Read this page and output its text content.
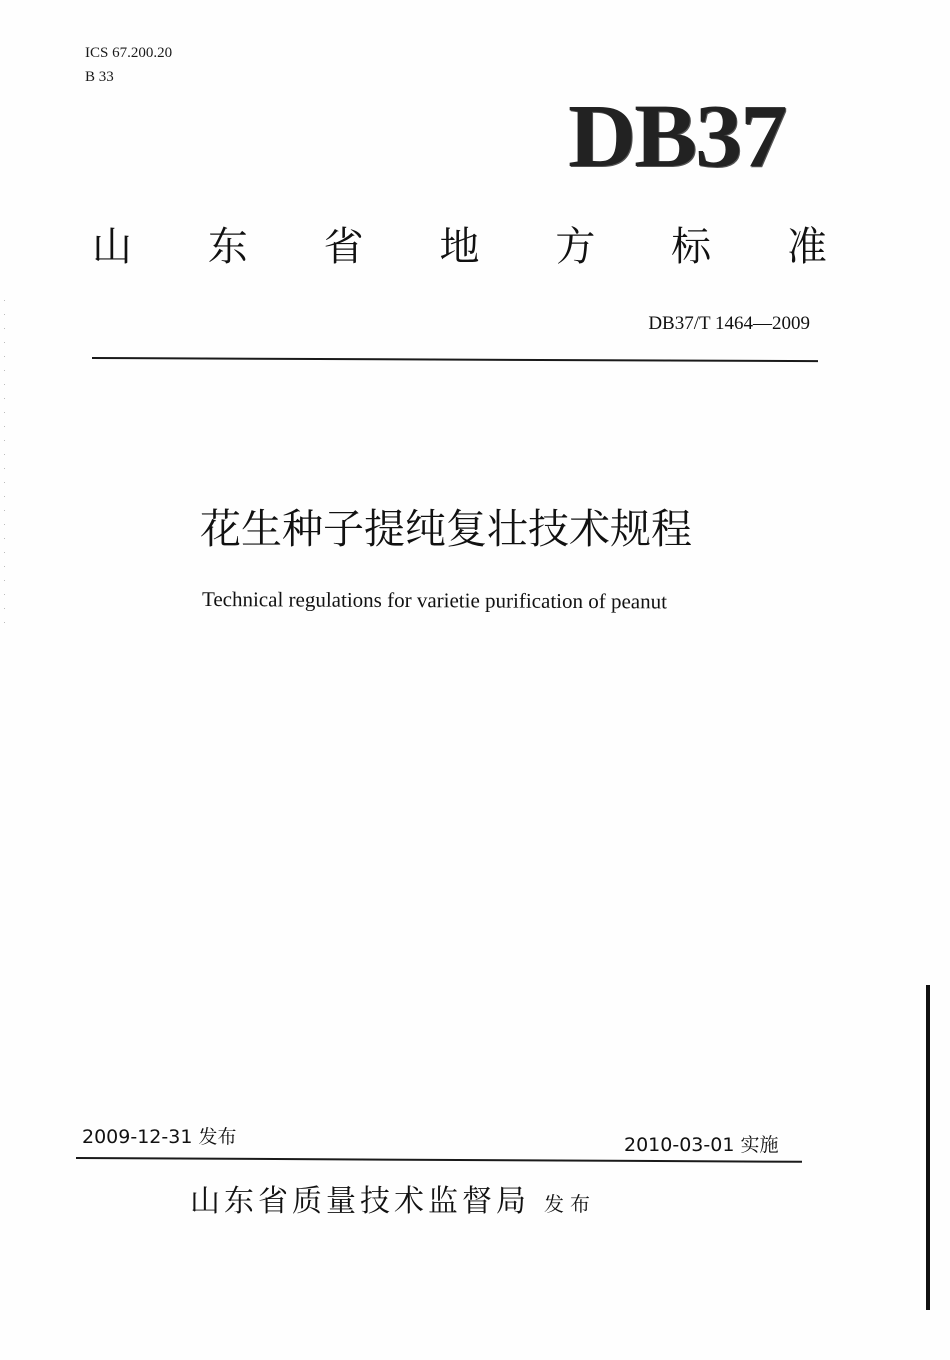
ICS 67.200.20
B 33
DB37
山 东 省 地 方 标 准
DB37/T 1464—2009
花生种子提纯复壮技术规程
Technical regulations for varietie purification of peanut
2009-12-31 发布	2010-03-01 实施
山东省质量技术监督局 发布
